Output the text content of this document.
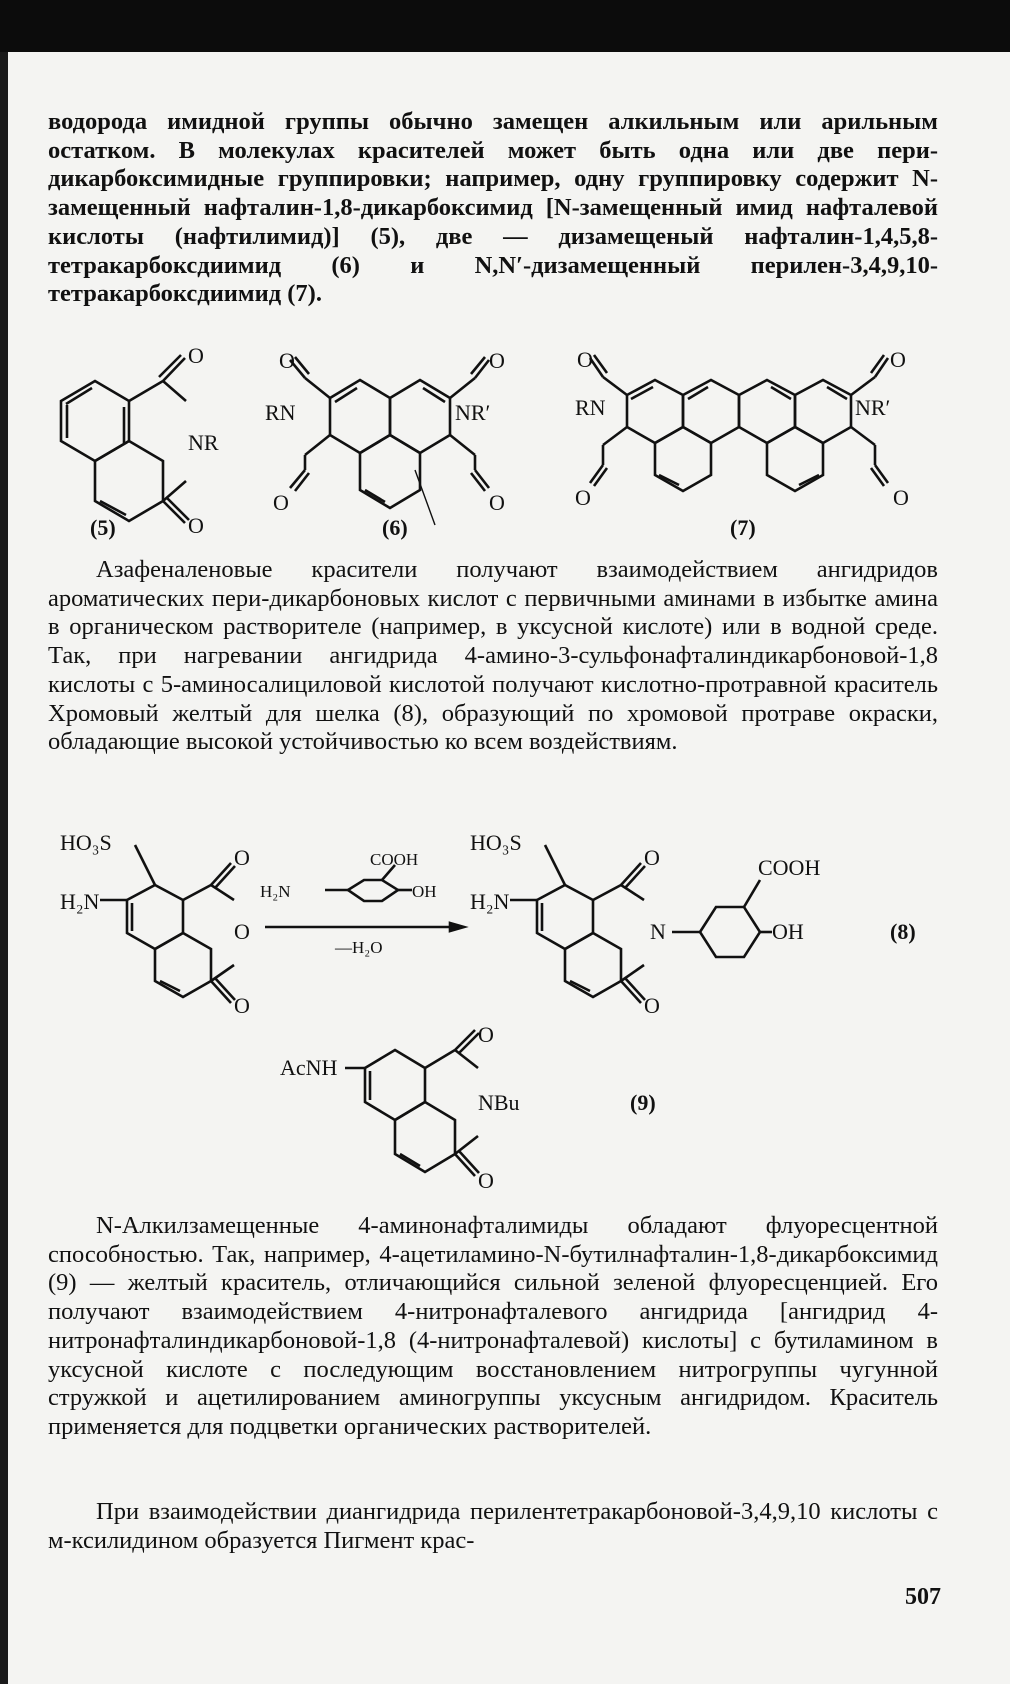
водорода имидной группы обычно замещен алкильным или арильным остатком. В молекулах красителей может быть одна или две пери-дикарбоксимидные группировки; например, одну группировку содержит N-замещенный нафталин-1,8-дикарбоксимид [N-замещенный имид нафталевой кислоты (нафтилимид)] (5), две — дизамещеный нафталин-1,4,5,8-тетракарбоксдиимид (6) и N,N′-дизамещенный перилен-3,4,9,10-тетракарбоксдиимид (7).

O
NR
O
(5)
RN	NR′
O	O
O	O
(6)
RN	NR′
O	O
O	O
(7)

Азафеналеновые красители получают взаимодействием ангидридов ароматических пери-дикарбоновых кислот с первичными аминами в избытке амина в органическом растворителе (например, в уксусной кислоте) или в водной среде. Так, при нагревании ангидрида 4-амино-3-сульфонафталиндикарбоновой-1,8 кислоты с 5-аминосалициловой кислотой получают кислотно-протравной краситель Хромовый желтый для шелка (8), образующий по хромовой протраве окраски, обладающие высокой устойчивостью ко всем воздействиям.

HO₃S
H₂N
O
O
O
H₂N
COOH
OH
—H₂O
HO₃S
H₂N
O
O
N
COOH
OH	(8)
AcNH
NBu
O
O
(9)

N-Алкилзамещенные 4-аминонафталимиды обладают флуоресцентной способностью. Так, например, 4-ацетиламино-N-бутилнафталин-1,8-дикарбоксимид (9) — желтый краситель, отличающийся сильной зеленой флуоресценцией. Его получают взаимодействием 4-нитронафталевого ангидрида [ангидрид 4-нитронафталиндикарбоновой-1,8 (4-нитронафталевой) кислоты] с бутиламином в уксусной кислоте с последующим восстановлением нитрогруппы чугунной стружкой и ацетилированием аминогруппы уксусным ангидридом. Краситель применяется для подцветки органических растворителей.

При взаимодействии диангидрида перилентетракарбоновой-3,4,9,10 кислоты с м-ксилидином образуется Пигмент крас-

507
